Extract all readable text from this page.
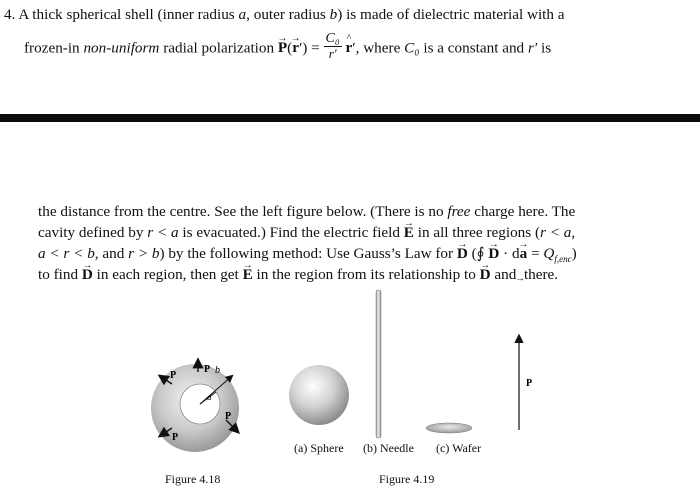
4. A thick spherical shell (inner radius a, outer radius b) is made of dielectric material with a
frozen-in non-uniform radial polarization → $P(\to r') = \frac{\text{C₀}}{r'}$
^ r′, where C₀ is a constant and r′ is
the distance from the centre. See the left figure below. (There is no free charge here. The
cavity defined by r < a is evacuated.) Find the electric field → E in all three regions (r < a,
a < r < b, and r > b) by the following method: Use Gauss’s Law for → D (∮ → $D \cdot d\to a = Q_{f,enc}$)
to find → D in each region, then get → E in the region from its relationship to → D and  there.
P
P b
a
P
P
P
(a) Sphere (b) Needle (c) Wafer
Figure 4.18	Figure 4.19
